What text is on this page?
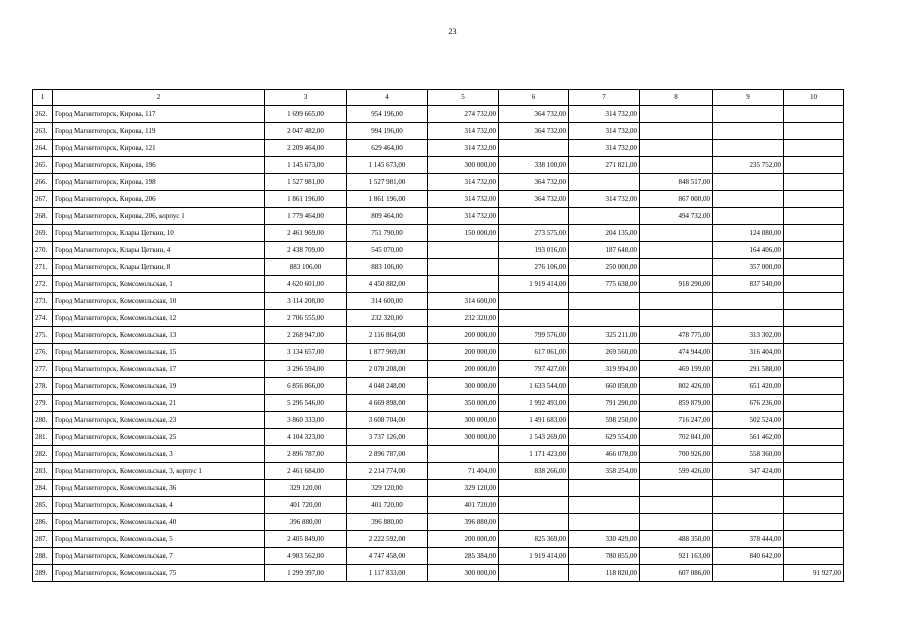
23
1	2	3	4	5	6	7	8	9	10
262.	Город Магнитогорск, Кирова, 117	1 699 665,00	954 196,00	274 732,00	364 732,00	314 732,00			
263.	Город Магнитогорск, Кирова, 119	2 047 482,00	994 196,00	314 732,00	364 732,00	314 732,00			
264.	Город Магнитогорск, Кирова, 121	2 209 464,00	629 464,00	314 732,00		314 732,00			
265.	Город Магнитогорск, Кирова, 196	1 145 673,00	1 145 673,00	300 000,00	338 100,00	271 821,00		235 752,00	
266.	Город Магнитогорск, Кирова, 198	1 527 981,00	1 527 981,00	314 732,00	364 732,00		848 517,00		
267.	Город Магнитогорск, Кирова, 206	1 861 196,00	1 861 196,00	314 732,00	364 732,00	314 732,00	867 000,00		
268.	Город Магнитогорск, Кирова, 206, корпус 1	1 779 464,00	809 464,00	314 732,00			494 732,00		
269.	Город Магнитогорск, Клары Цеткин, 10	2 461 969,00	751 790,00	150 000,00	273 575,00	204 135,00		124 080,00	
270.	Город Магнитогорск, Клары Цеткин, 4	2 438 709,00	545 070,00		193 016,00	187 648,00		164 406,00	
271.	Город Магнитогорск, Клары Цеткин, 8	883 106,00	883 106,00		276 106,00	250 000,00		357 000,00	
272.	Город Магнитогорск, Комсомольская, 1	4 620 601,00	4 450 882,00		1 919 414,00	775 638,00	918 290,00	837 540,00	
273.	Город Магнитогорск, Комсомольская, 10	3 114 208,00	314 600,00	314 600,00					
274.	Город Магнитогорск, Комсомольская, 12	2 706 555,00	232 320,00	232 320,00					
275.	Город Магнитогорск, Комсомольская, 13	2 268 947,00	2 116 864,00	200 000,00	799 576,00	325 211,00	478 775,00	313 302,00	
276.	Город Магнитогорск, Комсомольская, 15	3 134 657,00	1 877 969,00	200 000,00	617 061,00	269 560,00	474 944,00	316 404,00	
277.	Город Магнитогорск, Комсомольская, 17	3 296 594,00	2 078 208,00	200 000,00	797 427,00	319 994,00	469 199,00	291 588,00	
278.	Город Магнитогорск, Комсомольская, 19	6 856 866,00	4 048 248,00	300 000,00	1 633 544,00	660 858,00	802 426,00	651 420,00	
279.	Город Магнитогорск, Комсомольская, 21	5 296 546,00	4 669 898,00	350 000,00	1 992 493,00	791 290,00	859 879,00	676 236,00	
280.	Город Магнитогорск, Комсомольская, 23	3 860 333,00	3 608 704,00	300 000,00	1 491 683,00	598 250,00	716 247,00	502 524,00	
281.	Город Магнитогорск, Комсомольская, 25	4 104 323,00	3 737 126,00	300 000,00	1 543 269,00	629 554,00	702 841,00	561 462,00	
282.	Город Магнитогорск, Комсомольская, 3	2 896 787,00	2 896 787,00		1 171 423,00	466 078,00	700 926,00	558 360,00	
283.	Город Магнитогорск, Комсомольская, 3, корпус 1	2 461 684,00	2 214 774,00	71 404,00	838 266,00	358 254,00	599 426,00	347 424,00	
284.	Город Магнитогорск, Комсомольская, 36	329 120,00	329 120,00	329 120,00					
285.	Город Магнитогорск, Комсомольская, 4	401 720,00	401 720,00	401 720,00					
286.	Город Магнитогорск, Комсомольская, 40	396 880,00	396 880,00	396 880,00					
287.	Город Магнитогорск, Комсомольская, 5	2 405 849,00	2 222 592,00	200 000,00	825 369,00	330 429,00	488 350,00	378 444,00	
288.	Город Магнитогорск, Комсомольская, 7	4 983 562,00	4 747 458,00	285 384,00	1 919 414,00	780 855,00	921 163,00	840 642,00	
289.	Город Магнитогорск, Комсомольская, 75	1 299 397,00	1 117 833,00	300 000,00		118 820,00	607 086,00		91 927,00
